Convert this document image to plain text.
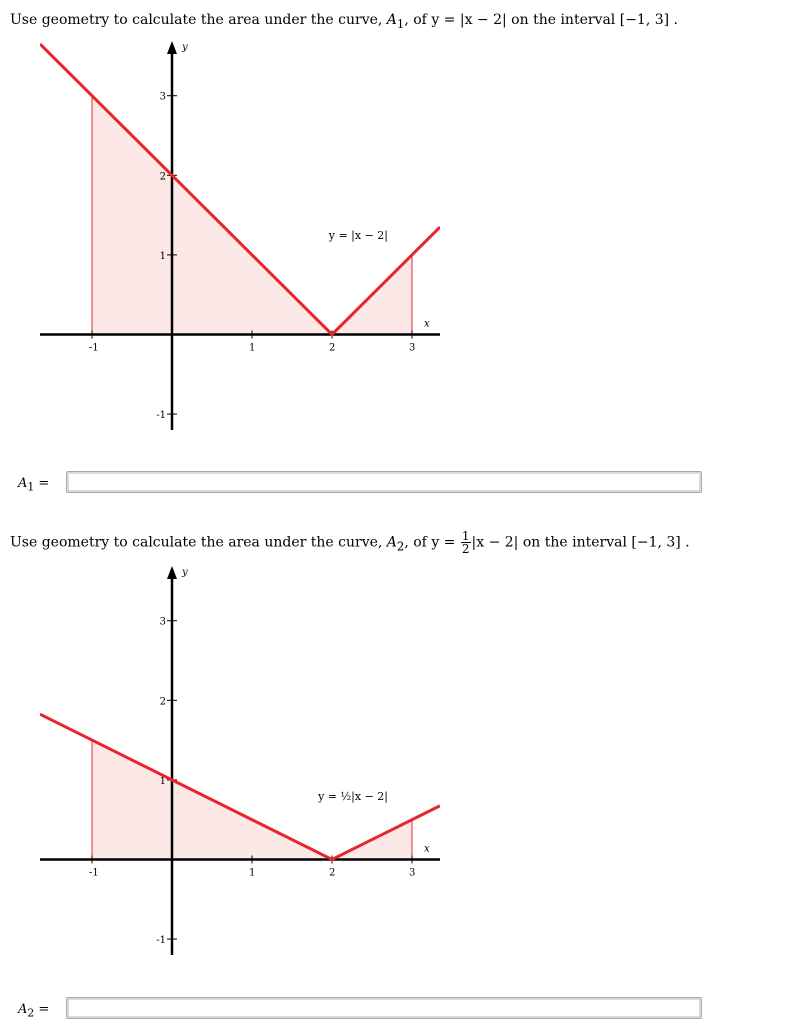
Use geometry to calculate the area under the curve, $A_1$, of y = |x − 2| on the interval [−1, 3] .
y
x
-1	1	2	3
3
2
1
-1
y = |x − 2|
$A_1$ =
Use geometry to calculate the area under the curve, $A_2$, of $y = \frac{1}{2} |x - 2|$ on the interval [−1, 3] .
y
x
-1	1	2	3
3
2
1
-1
y = ½|x − 2|
$A_2$ =
